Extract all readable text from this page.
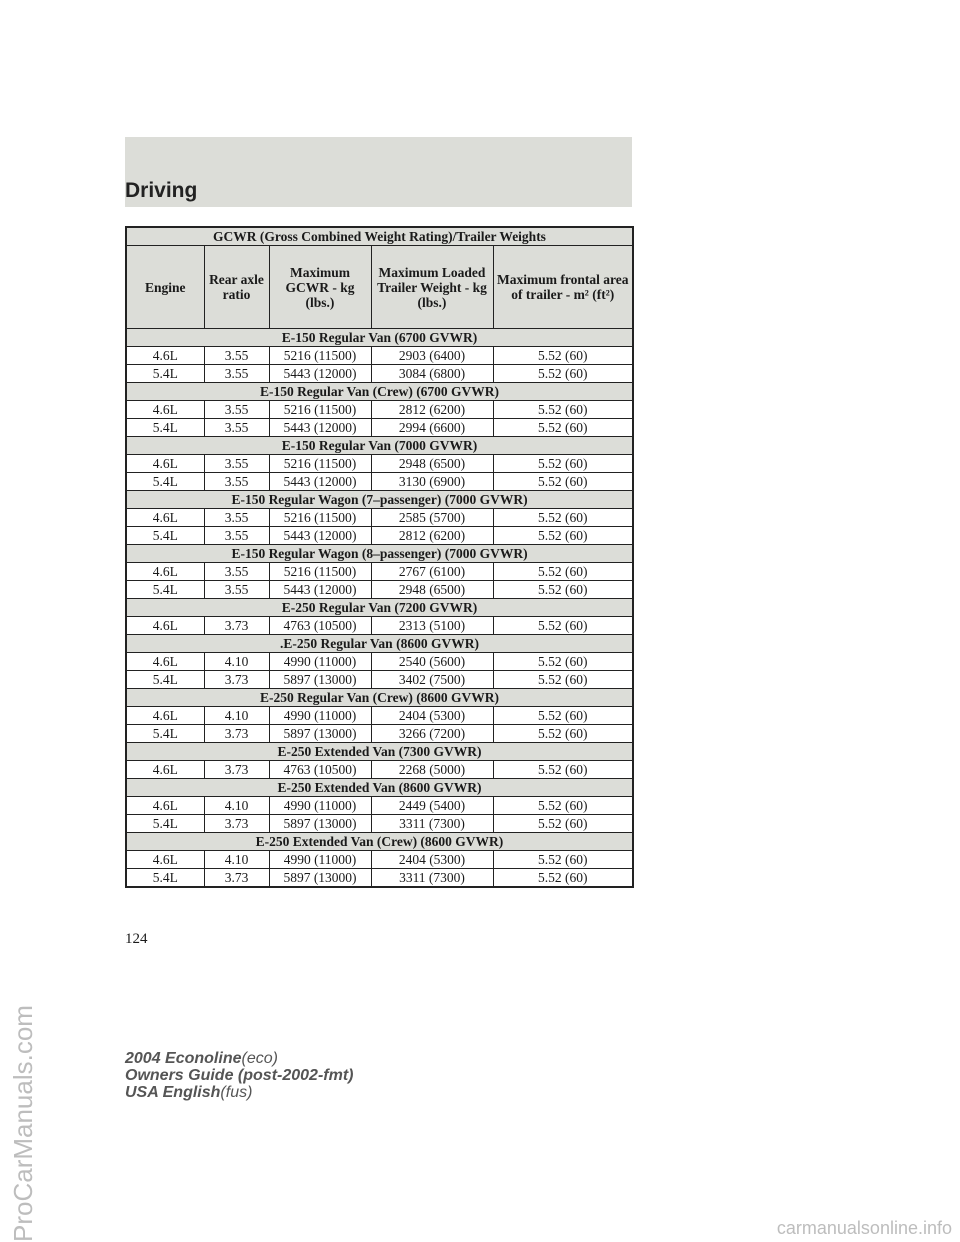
Driving
GCWR (Gross Combined Weight Rating)/Trailer Weights				
Engine	Rear axle ratio	Maximum GCWR - kg (lbs.)	Maximum Loaded Trailer Weight - kg (lbs.)	Maximum frontal area of trailer - m² (ft²)
E-150 Regular Van (6700 GVWR)				
4.6L	3.55	5216 (11500)	2903 (6400)	5.52 (60)
5.4L	3.55	5443 (12000)	3084 (6800)	5.52 (60)
E-150 Regular Van (Crew) (6700 GVWR)				
4.6L	3.55	5216 (11500)	2812 (6200)	5.52 (60)
5.4L	3.55	5443 (12000)	2994 (6600)	5.52 (60)
E-150 Regular Van (7000 GVWR)				
4.6L	3.55	5216 (11500)	2948 (6500)	5.52 (60)
5.4L	3.55	5443 (12000)	3130 (6900)	5.52 (60)
E-150 Regular Wagon (7–passenger) (7000 GVWR)				
4.6L	3.55	5216 (11500)	2585 (5700)	5.52 (60)
5.4L	3.55	5443 (12000)	2812 (6200)	5.52 (60)
E-150 Regular Wagon (8–passenger) (7000 GVWR)				
4.6L	3.55	5216 (11500)	2767 (6100)	5.52 (60)
5.4L	3.55	5443 (12000)	2948 (6500)	5.52 (60)
E-250 Regular Van (7200 GVWR)				
4.6L	3.73	4763 (10500)	2313 (5100)	5.52 (60)
.E-250 Regular Van (8600 GVWR)				
4.6L	4.10	4990 (11000)	2540 (5600)	5.52 (60)
5.4L	3.73	5897 (13000)	3402 (7500)	5.52 (60)
E-250 Regular Van (Crew) (8600 GVWR)				
4.6L	4.10	4990 (11000)	2404 (5300)	5.52 (60)
5.4L	3.73	5897 (13000)	3266 (7200)	5.52 (60)
E-250 Extended Van (7300 GVWR)				
4.6L	3.73	4763 (10500)	2268 (5000)	5.52 (60)
E-250 Extended Van (8600 GVWR)				
4.6L	4.10	4990 (11000)	2449 (5400)	5.52 (60)
5.4L	3.73	5897 (13000)	3311 (7300)	5.52 (60)
E-250 Extended Van (Crew) (8600 GVWR)				
4.6L	4.10	4990 (11000)	2404 (5300)	5.52 (60)
5.4L	3.73	5897 (13000)	3311 (7300)	5.52 (60)
124
2004 Econoline(eco)
Owners Guide (post-2002-fmt)
USA English(fus)
ProCarManuals.com	carmanualsonline.info
